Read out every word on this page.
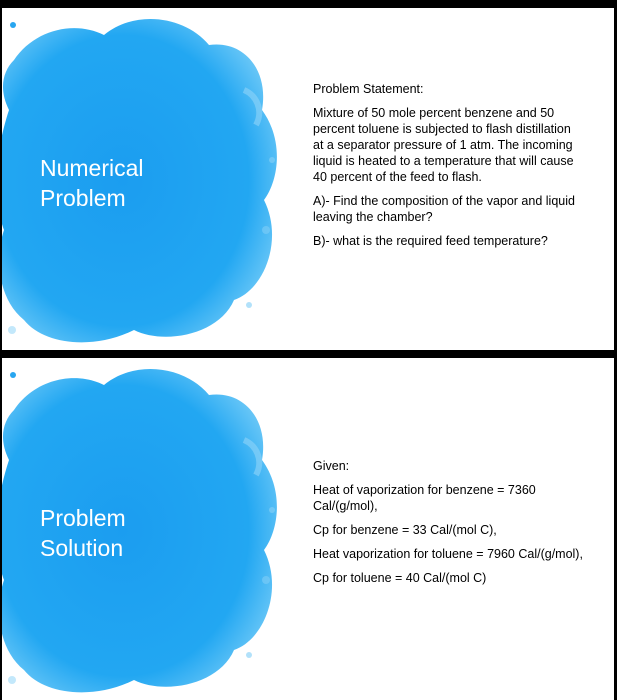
Numerical
Problem

Problem Statement:

Mixture of 50 mole percent benzene and 50 percent toluene is subjected to flash distillation at a separator pressure of 1 atm. The incoming liquid is heated to a temperature that will cause 40 percent of the feed to flash.

A)- Find the composition of the vapor and liquid leaving the chamber?

B)- what is the required feed temperature?

Problem
Solution

Given:

Heat of vaporization for benzene = 7360 Cal/(g/mol),

Cp for benzene = 33 Cal/(mol C),

Heat vaporization for toluene = 7960 Cal/(g/mol),

Cp for toluene = 40 Cal/(mol C)
